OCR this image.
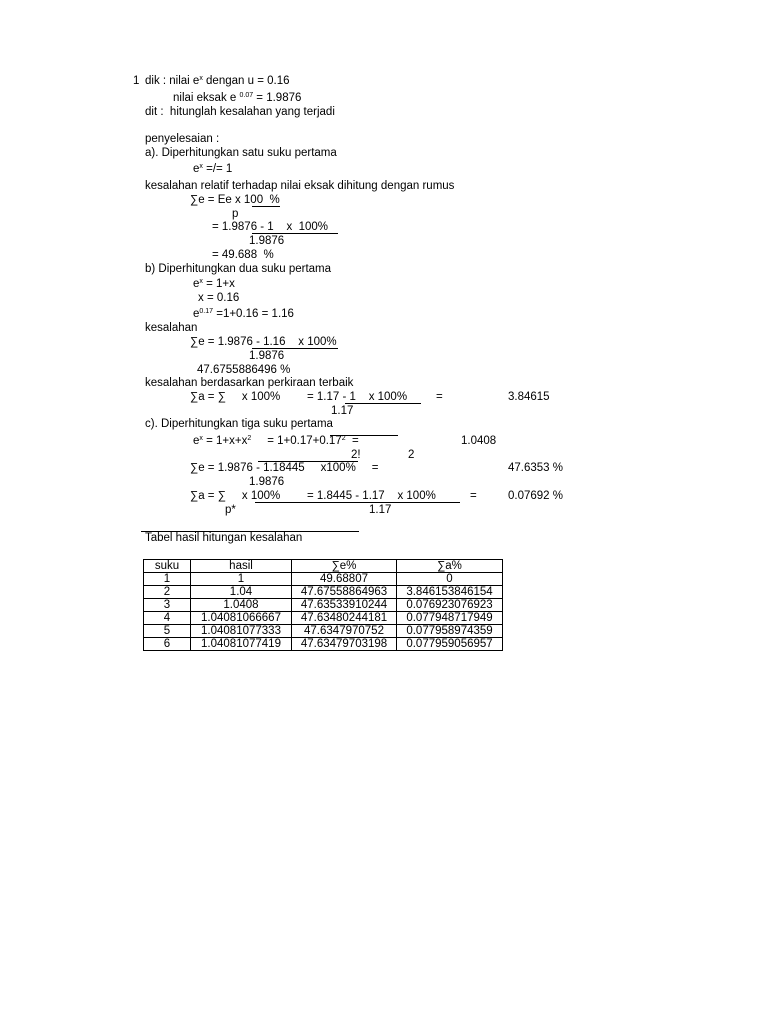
1 dik : nilai $e^x$ dengan u = 0.16
nilai eksak e $^{0.07}$ = 1.9876
dit :  hitunglah kesalahan yang terjadi
penyelesaian :
a). Diperhitungkan satu suku pertama
$e^x$ =/= 1
kesalahan relatif terhadap nilai eksak dihitung dengan rumus
∑e = Ee x 100  %
p
= 1.9876 - 1    x  100%
1.9876
= 49.688  %
b) Diperhitungkan dua suku pertama
$e^x = 1+x$
x = 0.16
$e^{0.17} =1+0.16 = 1.16$
kesalahan
∑e = 1.9876 - 1.16    x 100%
1.9876
47.6755886496 %
kesalahan berdasarkan perkiraan terbaik
∑a = ∑     x 100% = 1.17 - 1    x 100%	=	3.84615
1.17
c). Diperhitungkan tiga suku pertama
$e^x = 1+x+x^2$     = $1+0.17+0.17^2$  =	1.0408
2!	2
∑e = 1.9876 - 1.18445     x100%     =	47.6353 %
1.9876
∑a = ∑     x 100% = 1.8445 - 1.17    x 100%	=	0.07692 %
p*	1.17
Tabel hasil hitungan kesalahan
suku	hasil	∑e%	∑a%
1	1	49.68807	0
2	1.04	47.67558864963	3.846153846154
3	1.0408	47.63533910244	0.076923076923
4	1.04081066667	47.63480244181	0.077948717949
5	1.04081077333	47.6347970752	0.077958974359
6	1.04081077419	47.63479703198	0.077959056957
